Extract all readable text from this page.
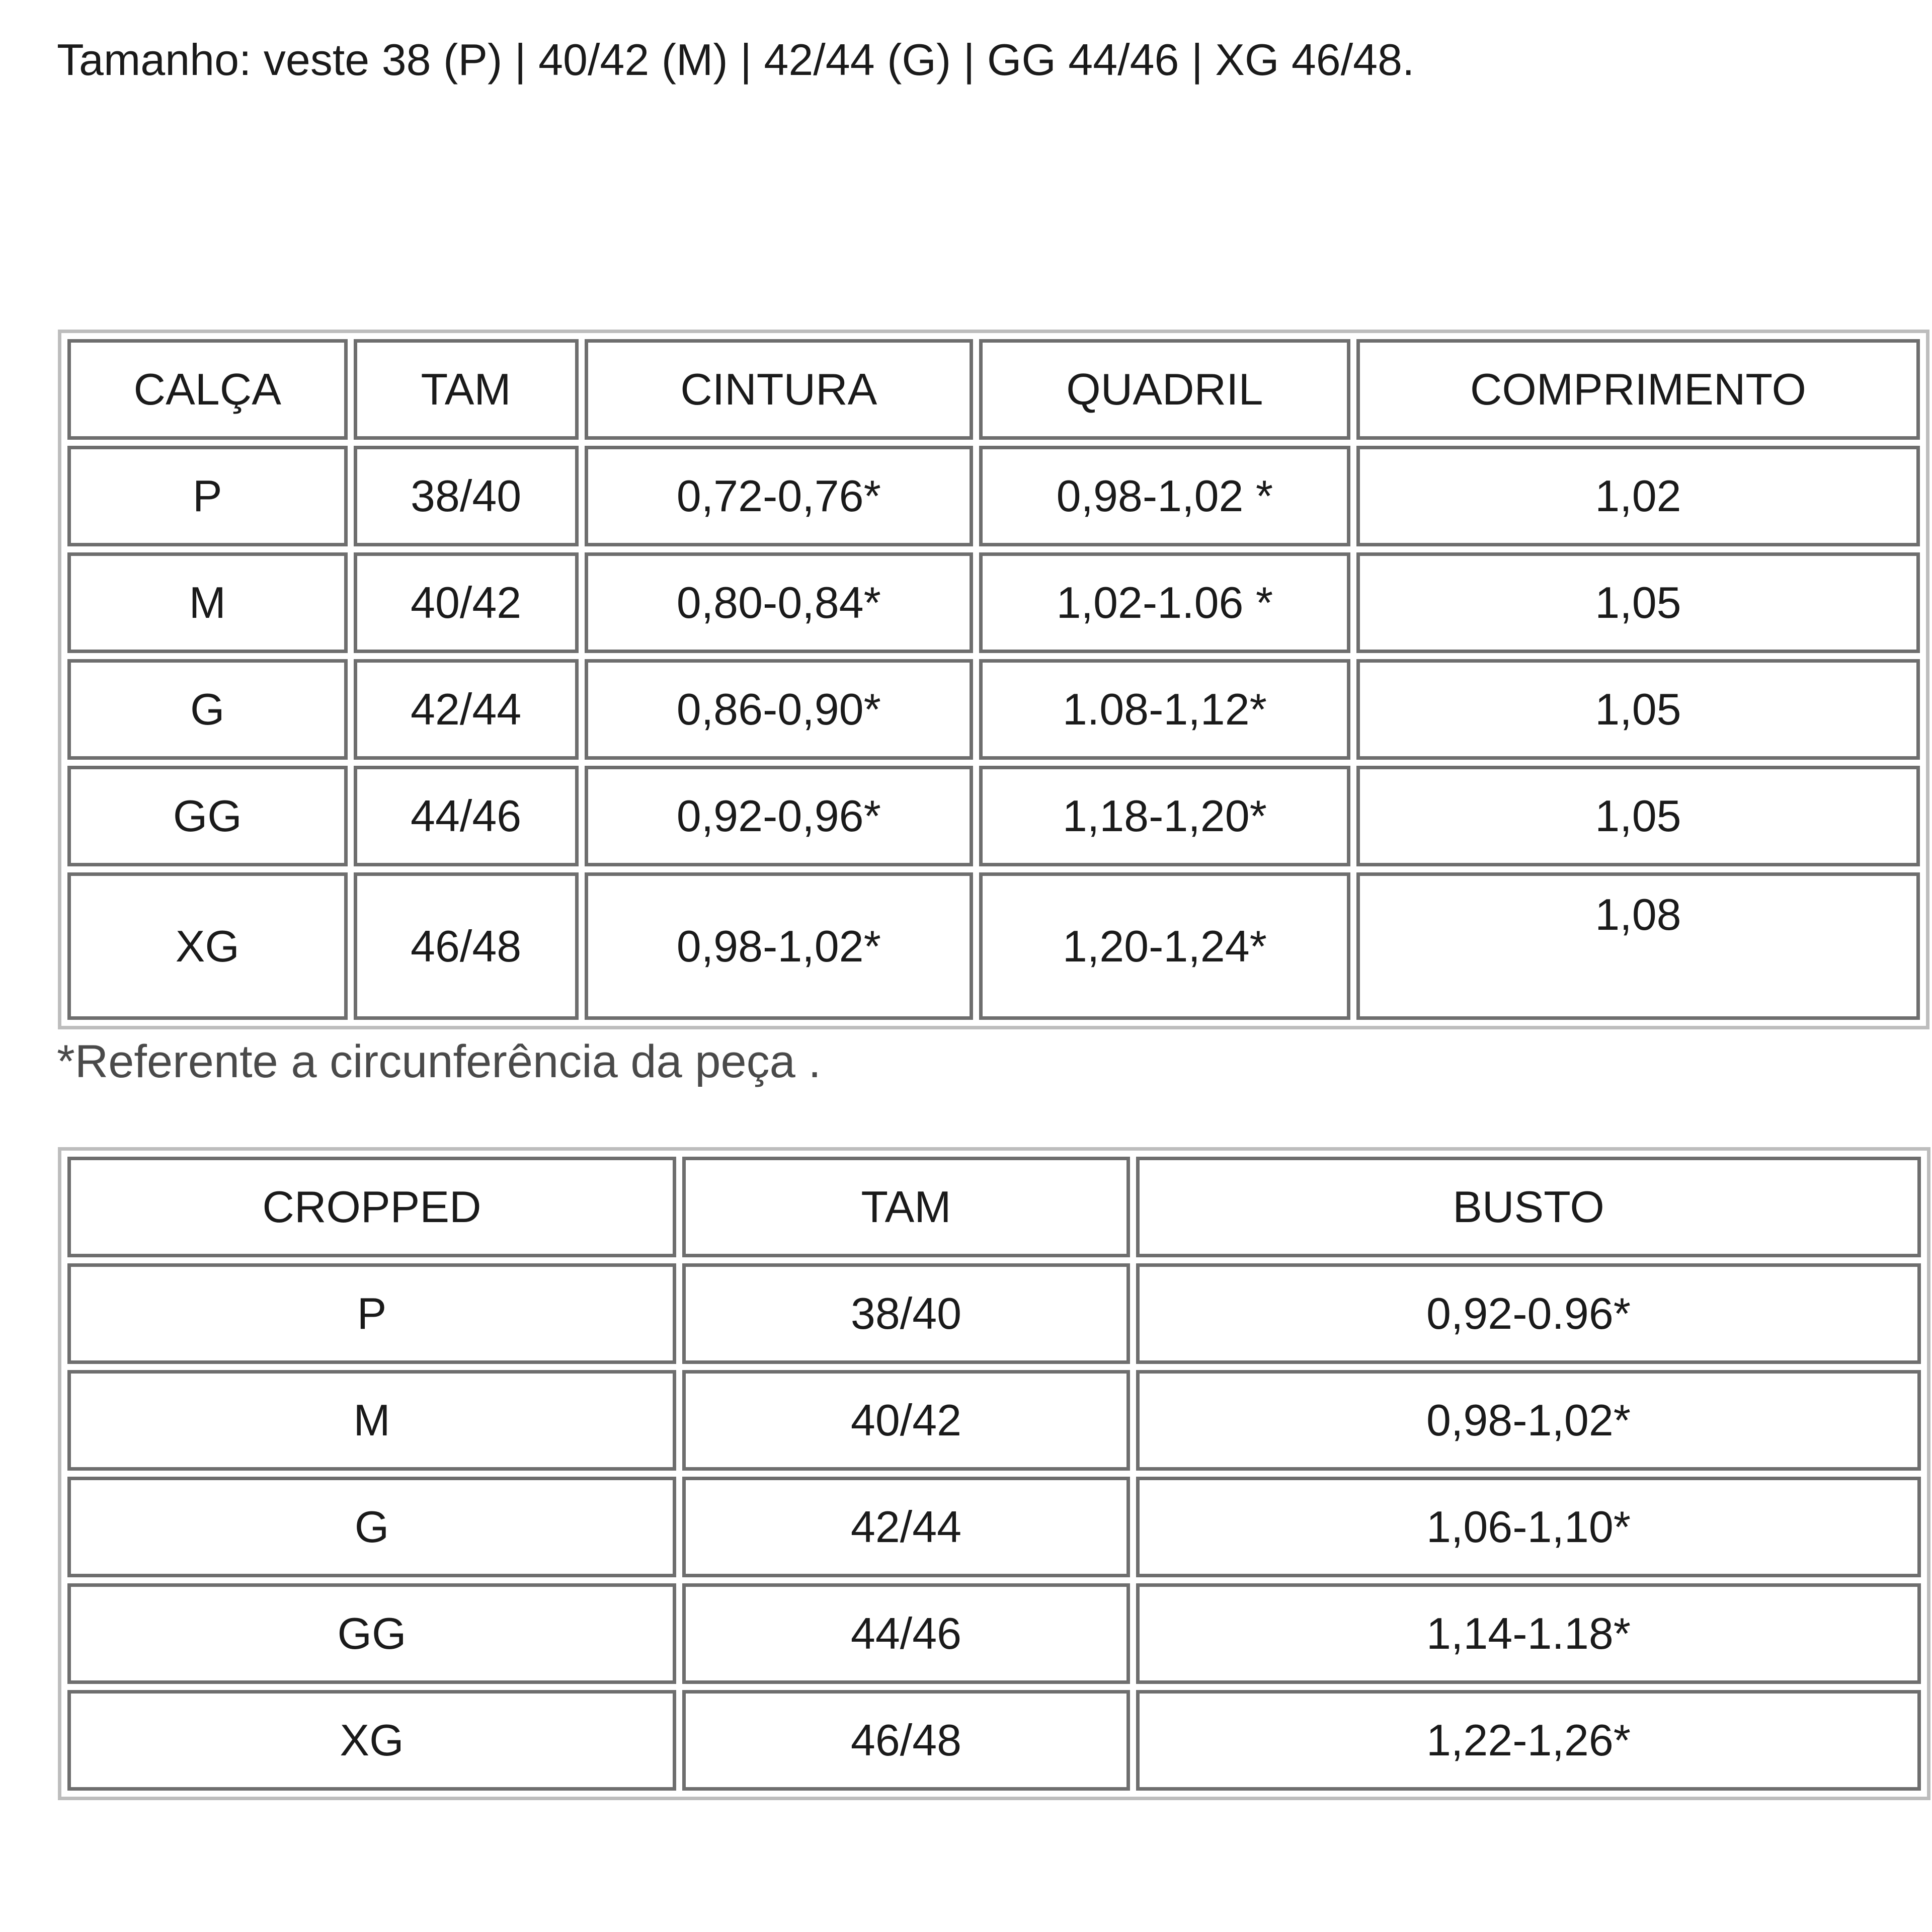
Tamanho: veste 38 (P) | 40/42 (M) | 42/44 (G) | GG 44/46 | XG 46/48.

CALÇA	TAM	CINTURA	QUADRIL	COMPRIMENTO
P	38/40	0,72-0,76*	0,98-1,02 *	1,02
M	40/42	0,80-0,84*	1,02-1.06 *	1,05
G	42/44	0,86-0,90*	1.08-1,12*	1,05
GG	44/46	0,92-0,96*	1,18-1,20*	1,05
XG	46/48	0,98-1,02*	1,20-1,24*	1,08

*Referente a circunferência da peça .

CROPPED	TAM	BUSTO
P	38/40	0,92-0.96*
M	40/42	0,98-1,02*
G	42/44	1,06-1,10*
GG	44/46	1,14-1.18*
XG	46/48	1,22-1,26*
